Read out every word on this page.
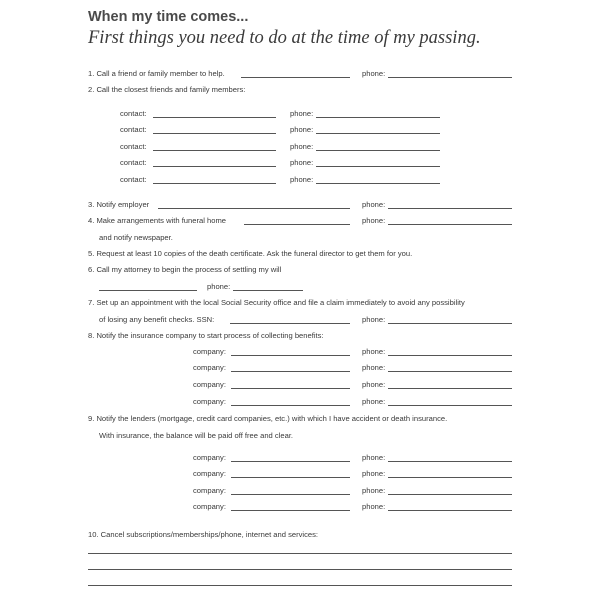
When my time comes...
First things you need to do at the time of my passing.
1. Call a friend or family member to help.	phone:
2. Call the closest friends and family members:
contact:	phone:
contact:	phone:
contact:	phone:
contact:	phone:
contact:	phone:
3. Notify employer	phone:
4. Make arrangements with funeral home	phone:
and notify newspaper.
5. Request at least 10 copies of the death certificate. Ask the funeral director to get them for you.
6. Call my attorney to begin the process of settling my will
phone:
7. Set up an appointment with the local Social Security office and file a claim immediately to avoid any possibility
of losing any benefit checks. SSN:	phone:
8. Notify the insurance company to start process of collecting benefits:
company:	phone:
company:	phone:
company:	phone:
company:	phone:
9. Notify the lenders (mortgage, credit card companies, etc.) with which I have accident or death insurance.
With insurance, the balance will be paid off free and clear.
company:	phone:
company:	phone:
company:	phone:
company:	phone:
10. Cancel subscriptions/memberships/phone, internet and services:
